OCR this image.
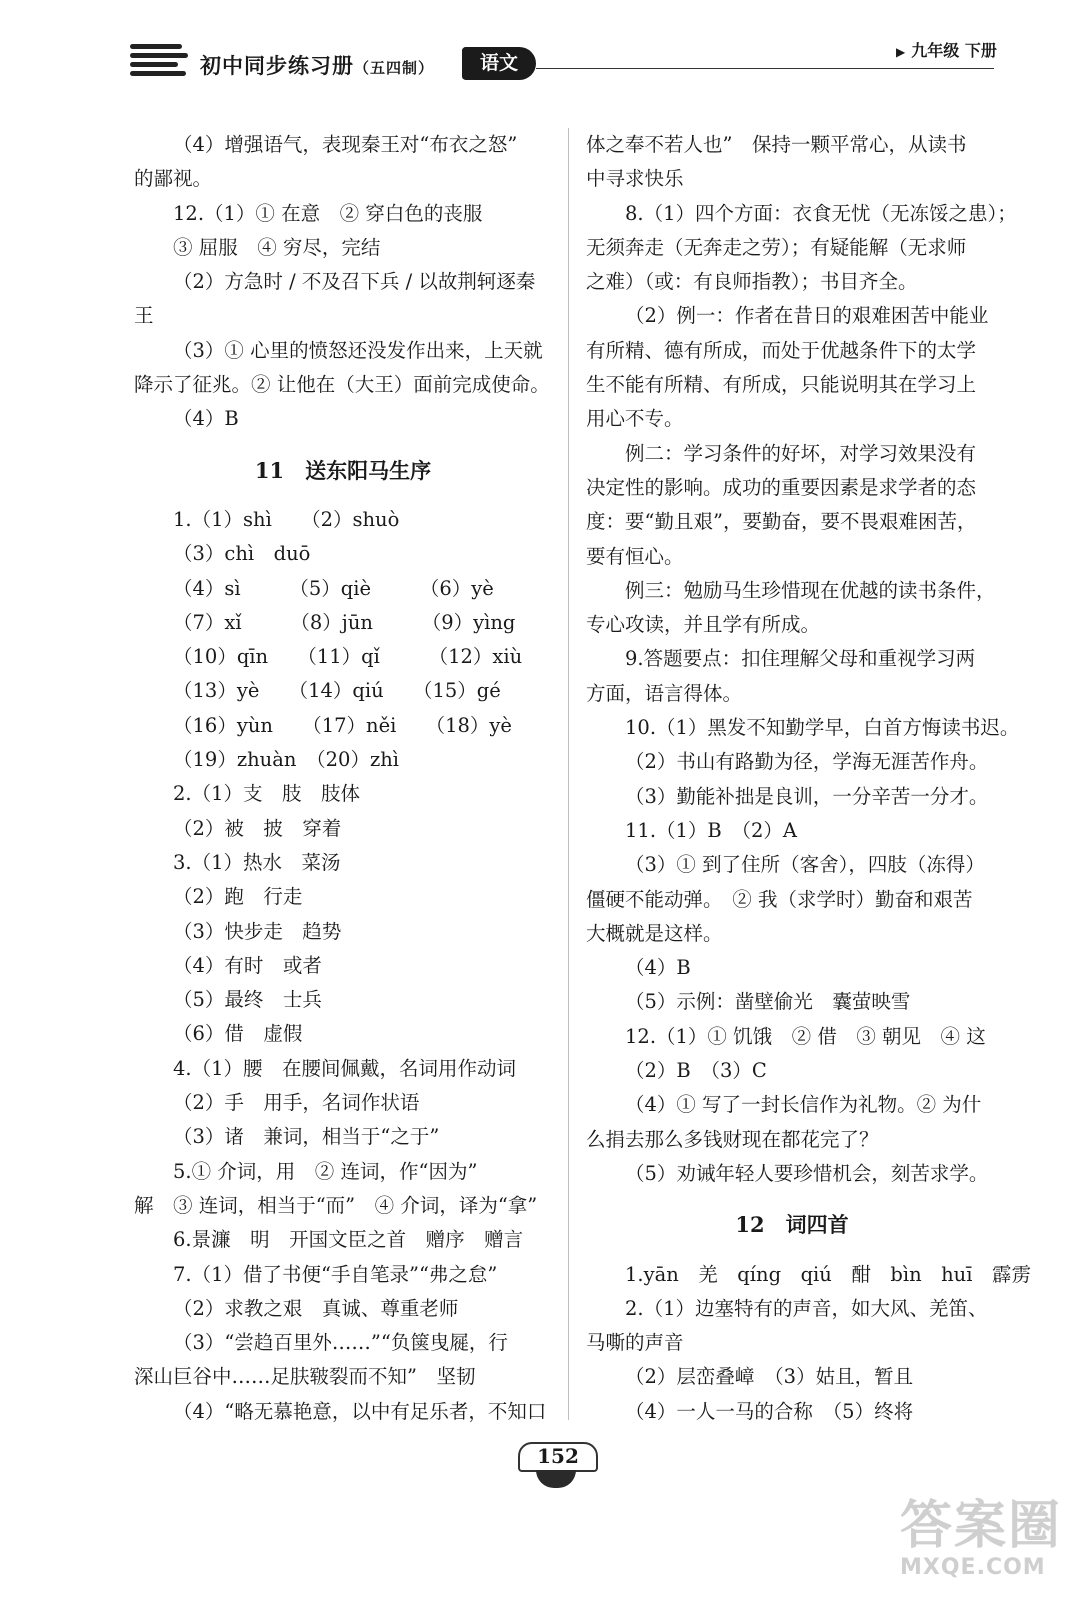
初中同步练习册（五四制）	语文	▶ 九年级 下册

（4）增强语气，表现秦王对“布衣之怒”

的鄙视。

12.（1）① 在意　② 穿白色的丧服

③ 屈服　④ 穷尽，完结

（2）方急时 / 不及召下兵 / 以故荆轲逐秦

王

（3）① 心里的愤怒还没发作出来，上天就

降示了征兆。② 让他在（大王）面前完成使命。

（4）B

11　送东阳马生序

1.（1）shì　　（2）shuò

（3）chì　duō

（4）sì　　　（5）qiè　　　（6）yè

（7）xǐ　　　（8）jūn　　　（9）yìng

（10）qīn　　（11）qǐ　　　（12）xiù

（13）yè　　（14）qiú　　（15）gé

（16）yùn　　（17）něi　　（18）yè

（19）zhuàn　（20）zhì

2.（1）支　肢　肢体

（2）被　披　穿着

3.（1）热水　菜汤

（2）跑　行走

（3）快步走　趋势

（4）有时　或者

（5）最终　士兵

（6）借　虚假

4.（1）腰　在腰间佩戴，名词用作动词

（2）手　用手，名词作状语

（3）诸　兼词，相当于“之于”

5.① 介词，用　② 连词，作“因为”

解　③ 连词，相当于“而”　④ 介词，译为“拿”

6.景濂　明　开国文臣之首　赠序　赠言

7.（1）借了书便“手自笔录”“弗之怠”

（2）求教之艰　真诚、尊重老师

（3）“尝趋百里外……”“负箧曳屣，行

深山巨谷中……足肤皲裂而不知”　坚韧

（4）“略无慕艳意，以中有足乐者，不知口

体之奉不若人也”　保持一颗平常心，从读书

中寻求快乐

8.（1）四个方面：衣食无忧（无冻馁之患）；

无须奔走（无奔走之劳）；有疑能解（无求师

之难）（或：有良师指教）；书目齐全。

（2）例一：作者在昔日的艰难困苦中能业

有所精、德有所成，而处于优越条件下的太学

生不能有所精、有所成，只能说明其在学习上

用心不专。

例二：学习条件的好坏，对学习效果没有

决定性的影响。成功的重要因素是求学者的态

度：要“勤且艰”，要勤奋，要不畏艰难困苦，

要有恒心。

例三：勉励马生珍惜现在优越的读书条件，

专心攻读，并且学有所成。

9.答题要点：扣住理解父母和重视学习两

方面，语言得体。

10.（1）黑发不知勤学早，白首方悔读书迟。

（2）书山有路勤为径，学海无涯苦作舟。

（3）勤能补拙是良训，一分辛苦一分才。

11.（1）B　（2）A

（3）① 到了住所（客舍），四肢（冻得）

僵硬不能动弹。　② 我（求学时）勤奋和艰苦

大概就是这样。

（4）B

（5）示例：凿壁偷光　囊萤映雪

12.（1）① 饥饿　② 借　③ 朝见　④ 这

（2）B　（3）C

（4）① 写了一封长信作为礼物。② 为什

么捐去那么多钱财现在都花完了？

（5）劝诫年轻人要珍惜机会，刻苦求学。

12　词四首

1.yān　羌　qíng　qiú　酣　bìn　huī　霹雳

2.（1）边塞特有的声音，如大风、羌笛、

马嘶的声音

（2）层峦叠嶂　（3）姑且，暂且

（4）一人一马的合称　（5）终将

152
答案圈
MXQE.COM
